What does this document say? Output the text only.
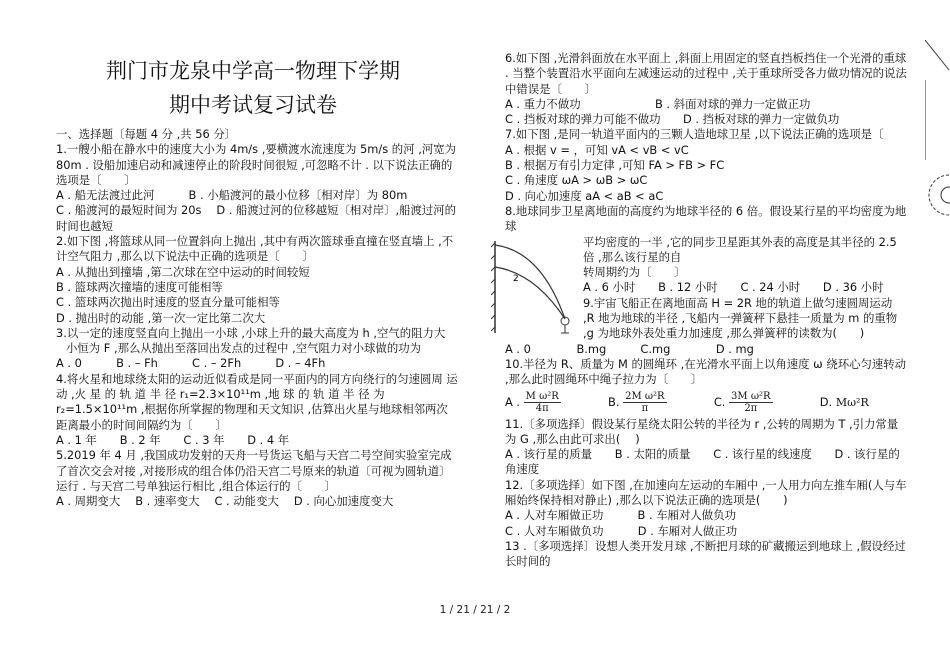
荆门市龙泉中学高一物理下学期

期中考试复习试卷

一、选择题〔每题 4 分 ,共 56 分〕

1.一艘小船在静水中的速度大小为 4m/s ,要横渡水流速度为 5m/s 的河 ,河宽为 80m . 设船加速启动和减速停止的阶段时间很短 ,可忽略不计 . 以下说法正确的选项是〔　　〕

A . 船无法渡过此河　　　B . 小船渡河的最小位移〔相对岸〕为 80m

C . 船渡河的最短时间为 20s　 D . 船渡过河的位移越短〔相对岸〕,船渡过河的时间也越短

2.如下图 ,将篮球从同一位置斜向上抛出 ,其中有两次篮球垂直撞在竖直墙上 ,不计空气阻力 ,那么以下说法中正确的选项是〔　　〕

A . 从抛出到撞墙 ,第二次球在空中运动的时间较短

B . 篮球两次撞墙的速度可能相等

C . 篮球两次抛出时速度的竖直分量可能相等

D . 抛出时的动能 ,第一次一定比第二次大

3.以一定的速度竖直向上抛出一小球 ,小球上升的最大高度为 h ,空气的阻力大

小恒为 F ,那么从抛出至落回出发点的过程中 ,空气阻力对小球做的功为

A . 0　　　B . – Fh　　　C . – 2Fh　　　D . – 4Fh

4.将火星和地球绕太阳的运动近似看成是同一平面内的同方向绕行的匀速圆周 运 动 ,火 星 的 轨 道 半 径 r₁=2.3×10¹¹m ,地 球 的 轨 道 半 径 为 r₂=1.5×10¹¹m ,根据你所掌握的物理和天文知识 ,估算出火星与地球相邻两次距离最小的时间间隔约为〔　　〕

A . 1 年　　B . 2 年　　C . 3 年　　D . 4 年

5.2019 年 4 月 ,我国成功发射的天舟一号货运飞船与天宫二号空间实验室完成了首次交会对接 ,对接形成的组合体仍沿天宫二号原来的轨道〔可视为圆轨道〕运行 . 与天宫二号单独运行相比 ,组合体运行的〔　　〕

A . 周期变大　 B . 速率变大　 C . 动能变大　 D . 向心加速度变大

6.如下图 ,光滑斜面放在水平面上 ,斜面上用固定的竖直挡板挡住一个光滑的重球 . 当整个装置沿水平面向左减速运动的过程中 ,关于重球所受各力做功情况的说法中错误是〔　　〕

A . 重力不做功	B . 斜面对球的弹力一定做正功

C . 挡板对球的弹力可能不做功 D . 挡板对球的弹力一定做负功

7.如下图 ,是同一轨道平面内的三颗人造地球卫星 ,以下说法正确的选项是〔

A . 根据 v = ，可知 vA < vB < vC

B . 根据万有引力定律 ,可知 FA > FB > FC

C . 角速度 ωA > ωB > ωC

D . 向心加速度 aA < aB < aC

8.地球同步卫星离地面的高度约为地球半径的 6 倍。假设某行星的平均密度为地球

2

平均密度的一半 ,它的同步卫星距其外表的高度是其半径的 2.5 倍 ,那么该行星的自

转周期约为〔　　〕

A . 6 小时　　B . 12 小时　　C . 24 小时　　D . 36 小时

9.宇宙飞船正在离地面高 H = 2R 地的轨道上做匀速圆周运动 ,R 地为地球的半径 ,飞船内一弹簧秤下悬挂一质量为 m 的重物 ,g 为地球外表处重力加速度 ,那么弹簧秤的读数为(　　)

A . 0　　　　B.mg　　　C.mg　　　　D . mg

10.半径为 R、质量为 M 的圆绳环 ,在光滑水平面上以角速度 ω 绕环心匀速转动 ,那么此时圆绳环中绳子拉力为〔　　〕

A . $\frac{\text{M ω²R}}{4\pi}$	B. $\frac{\text{2M ω²R}}{\pi}$	C. $\frac{\text{3M ω²R}}{2\pi}$	D. Mω²R

11.〔多项选择〕假设某行星绕太阳公转的半径为 r ,公转的周期为 T ,引力常量为 G ,那么由此可求出(　 )

A . 该行星的质量　　B . 太阳的质量　　C . 该行星的线速度　　D . 该行星的角速度

12.〔多项选择〕如下图 ,在加速向左运动的车厢中 ,一人用力向左推车厢(人与车厢始终保持相对静止) ,那么以下说法正确的选项是(　　)

A . 人对车厢做正功　　　B . 车厢对人做负功

C . 人对车厢做负功　　　D . 车厢对人做正功

13 .〔多项选择〕设想人类开发月球 ,不断把月球的矿藏搬运到地球上 ,假设经过长时间的

1 / 21 / 21 / 2
